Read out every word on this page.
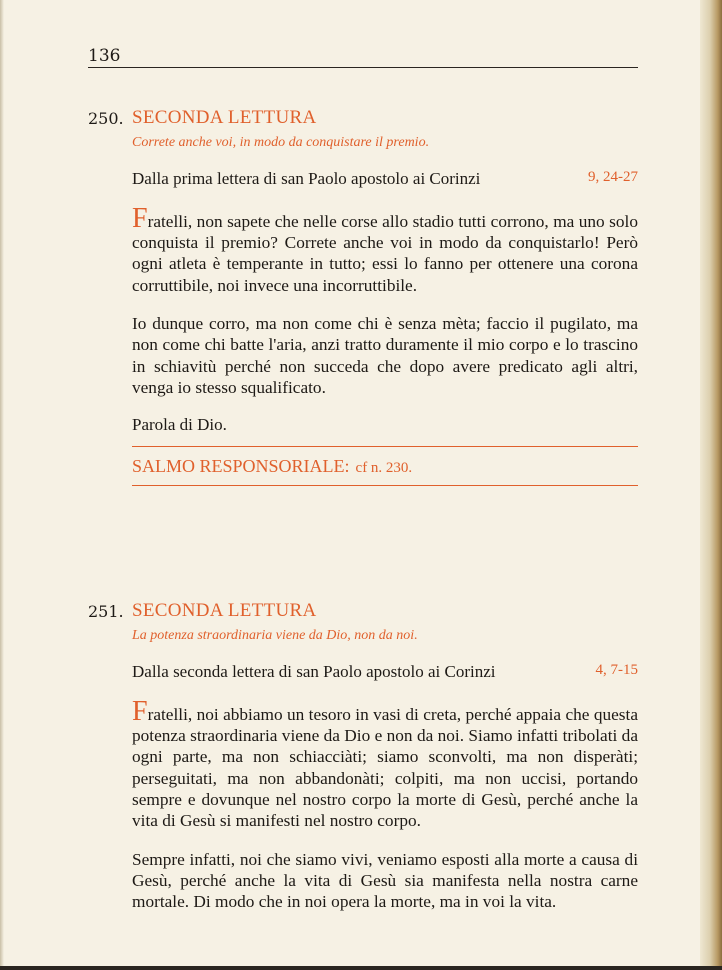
136
250. SECONDA LETTURA
Correte anche voi, in modo da conquistare il premio.
Dalla prima lettera di san Paolo apostolo ai Corinzi	9, 24-27

Fratelli, non sapete che nelle corse allo stadio tutti corrono, ma uno solo conquista il premio? Correte anche voi in modo da conquistarlo! Però ogni atleta è temperante in tutto; essi lo fanno per ottenere una corona corruttibile, noi invece una incorruttibile.

Io dunque corro, ma non come chi è senza mèta; faccio il pugilato, ma non come chi batte l'aria, anzi tratto duramente il mio corpo e lo trascino in schiavitù perché non succeda che dopo avere predicato agli altri, venga io stesso squalificato.

Parola di Dio.
SALMO RESPONSORIALE: cf n. 230.
251. SECONDA LETTURA
La potenza straordinaria viene da Dio, non da noi.
Dalla seconda lettera di san Paolo apostolo ai Corinzi	4, 7-15

Fratelli, noi abbiamo un tesoro in vasi di creta, perché appaia che questa potenza straordinaria viene da Dio e non da noi. Siamo infatti tribolati da ogni parte, ma non schiacciàti; siamo sconvolti, ma non disperàti; perseguitati, ma non abbandonàti; colpiti, ma non uccisi, portando sempre e dovunque nel nostro corpo la morte di Gesù, perché anche la vita di Gesù si manifesti nel nostro corpo.

Sempre infatti, noi che siamo vivi, veniamo esposti alla morte a causa di Gesù, perché anche la vita di Gesù sia manifesta nella nostra carne mortale. Di modo che in noi opera la morte, ma in voi la vita.
